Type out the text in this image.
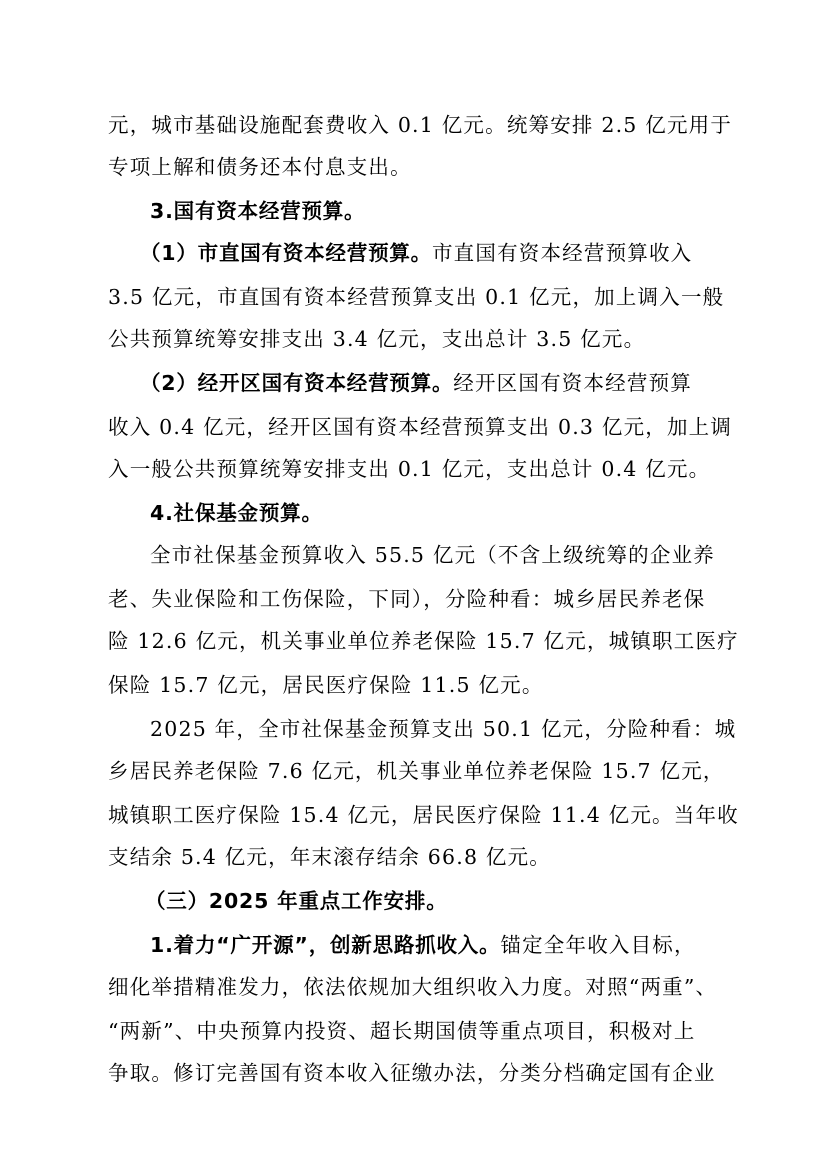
元，城市基础设施配套费收入 0.1 亿元。统筹安排 2.5 亿元用于
专项上解和债务还本付息支出。
3.国有资本经营预算。
（1）市直国有资本经营预算。市直国有资本经营预算收入
3.5 亿元，市直国有资本经营预算支出 0.1 亿元，加上调入一般
公共预算统筹安排支出 3.4 亿元，支出总计 3.5 亿元。
（2）经开区国有资本经营预算。经开区国有资本经营预算
收入 0.4 亿元，经开区国有资本经营预算支出 0.3 亿元，加上调
入一般公共预算统筹安排支出 0.1 亿元，支出总计 0.4 亿元。
4.社保基金预算。
全市社保基金预算收入 55.5 亿元（不含上级统筹的企业养
老、失业保险和工伤保险，下同），分险种看：城乡居民养老保
险 12.6 亿元，机关事业单位养老保险 15.7 亿元，城镇职工医疗
保险 15.7 亿元，居民医疗保险 11.5 亿元。
2025 年，全市社保基金预算支出 50.1 亿元，分险种看：城
乡居民养老保险 7.6 亿元，机关事业单位养老保险 15.7 亿元，
城镇职工医疗保险 15.4 亿元，居民医疗保险 11.4 亿元。当年收
支结余 5.4 亿元，年末滚存结余 66.8 亿元。
（三）2025 年重点工作安排。
1.着力“广开源”，创新思路抓收入。锚定全年收入目标，
细化举措精准发力，依法依规加大组织收入力度。对照“两重”、
“两新”、中央预算内投资、超长期国债等重点项目，积极对上
争取。修订完善国有资本收入征缴办法，分类分档确定国有企业
